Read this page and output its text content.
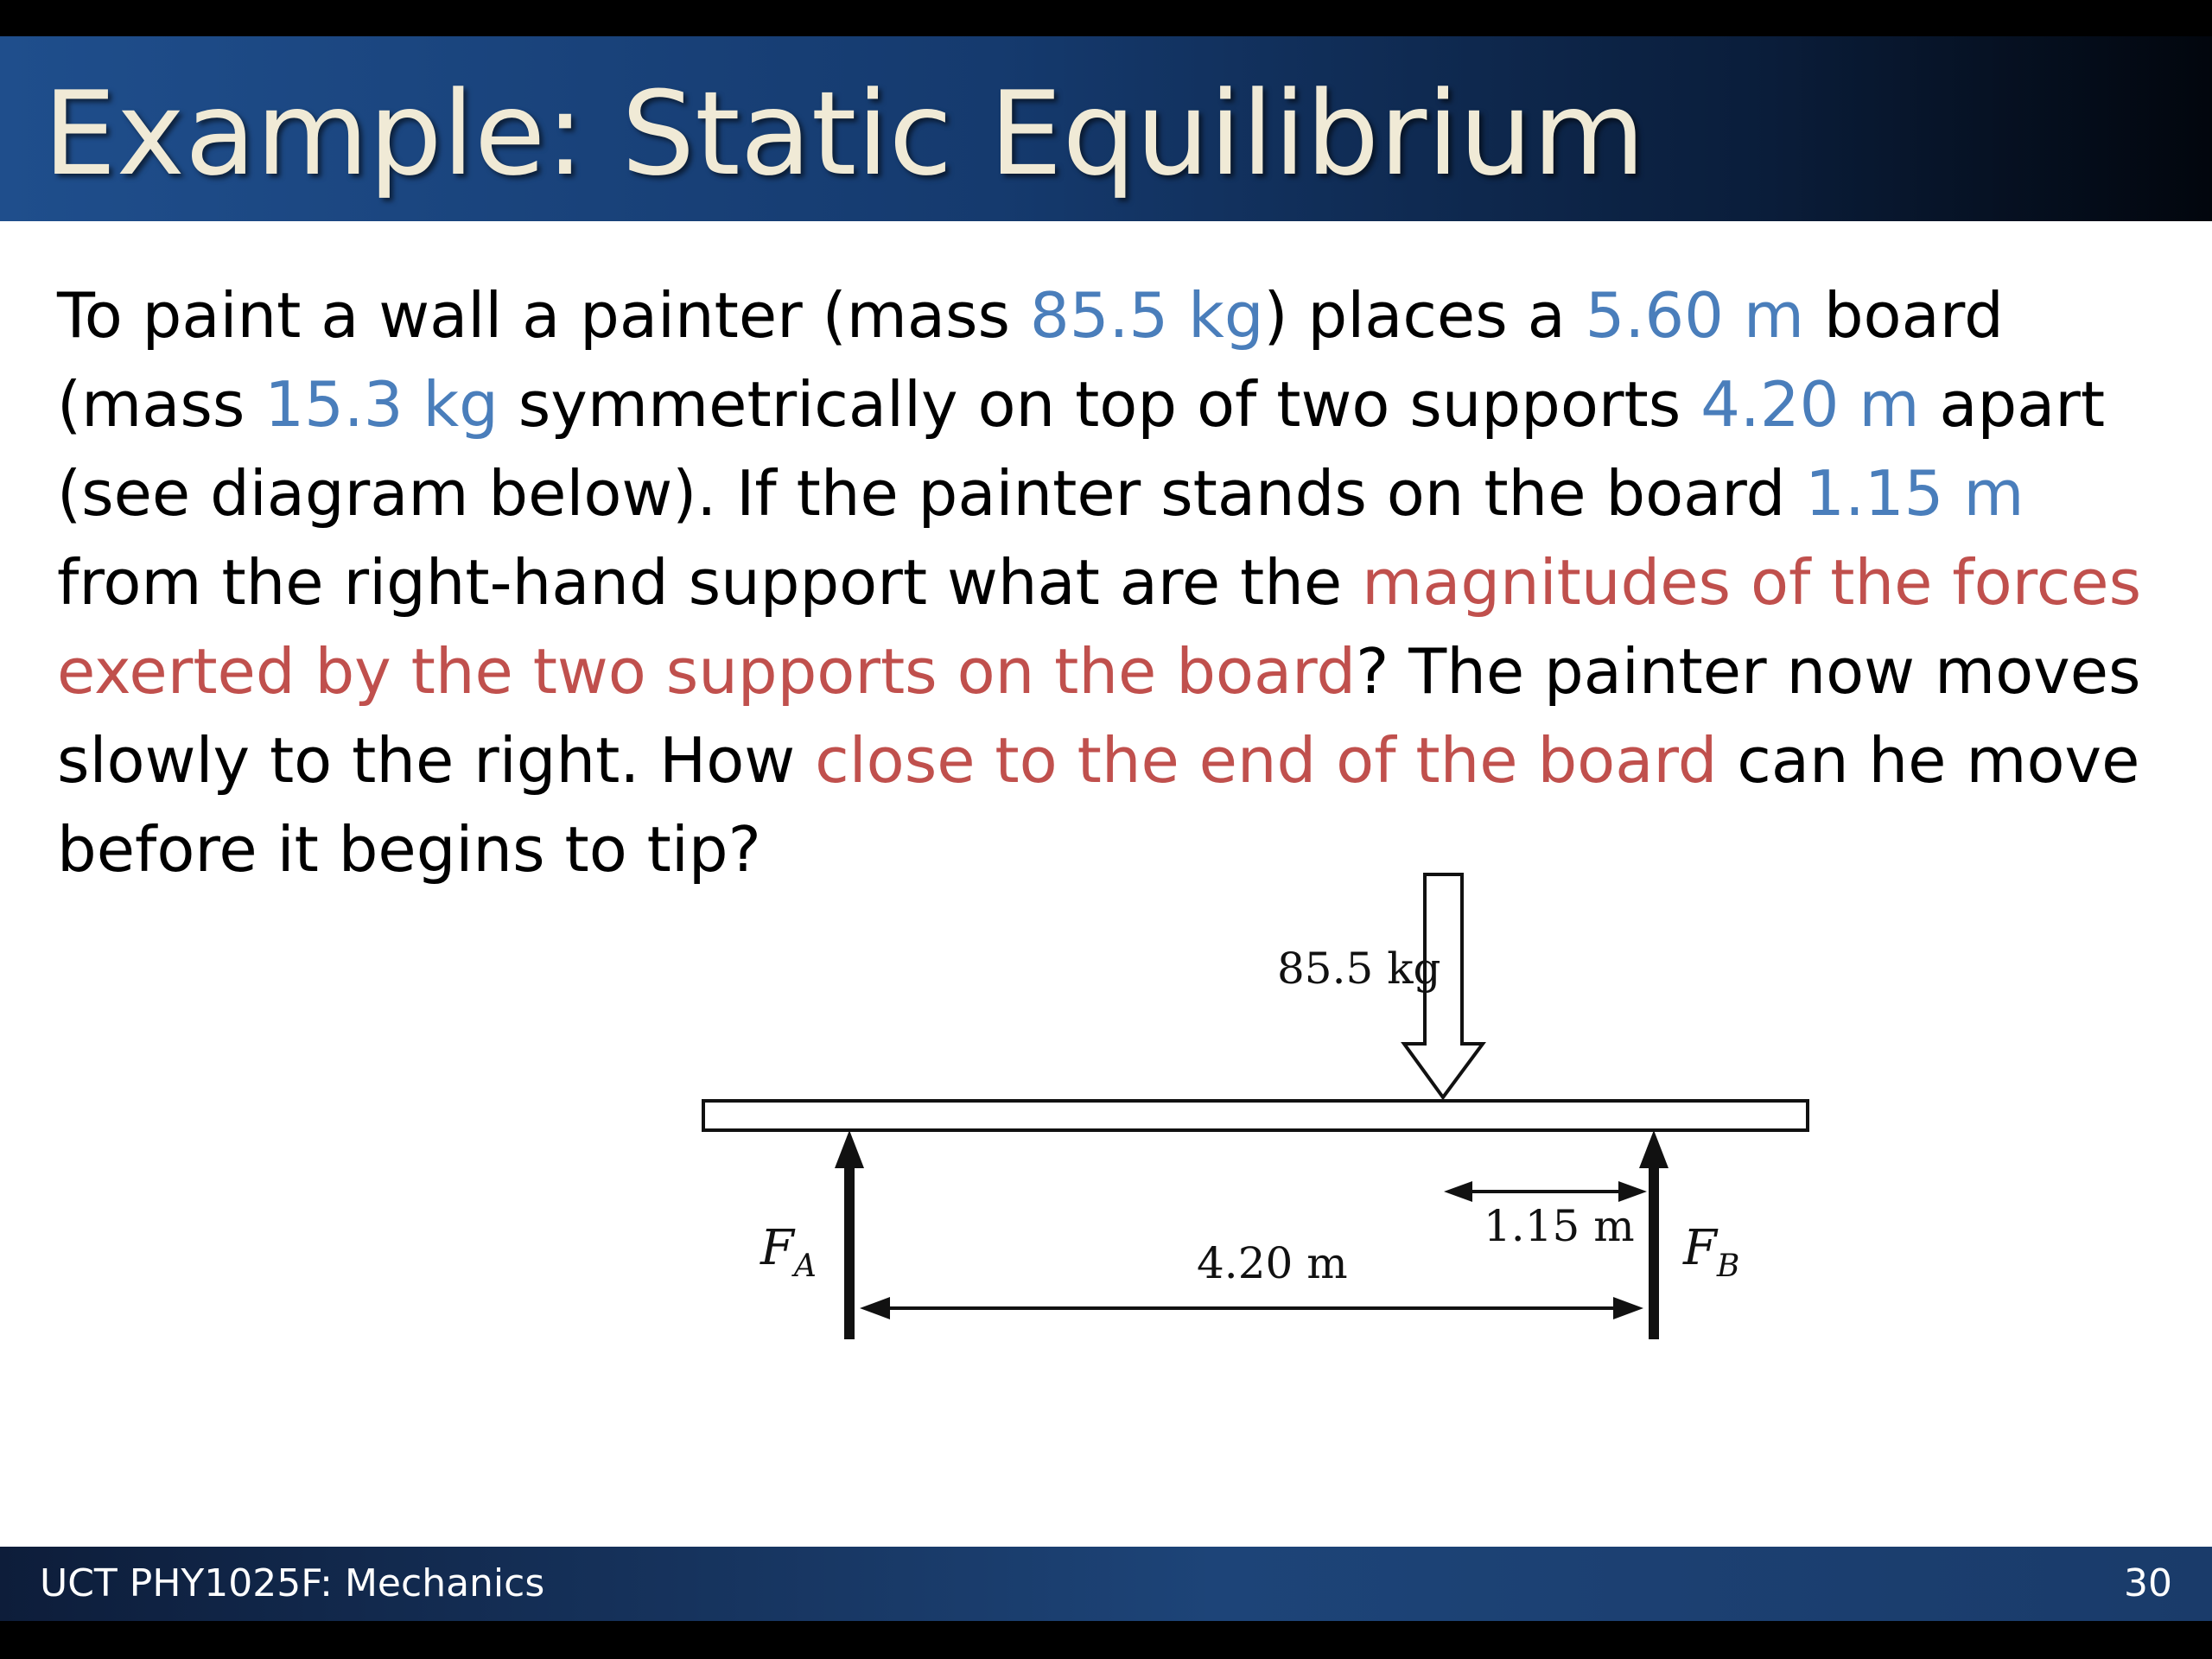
Example: Static Equilibrium
To paint a wall a painter (mass 85.5 kg) places a 5.60 m board (mass 15.3 kg symmetrically on top of two supports 4.20 m apart (see diagram below). If the painter stands on the board 1.15 m from the right-hand support what are the magnitudes of the forces exerted by the two supports on the board? The painter now moves slowly to the right. How close to the end of the board can he move before it begins to tip?
85.5 kg
$F_A$	$F_B$
4.20 m
1.15 m
UCT PHY1025F: Mechanics	30
